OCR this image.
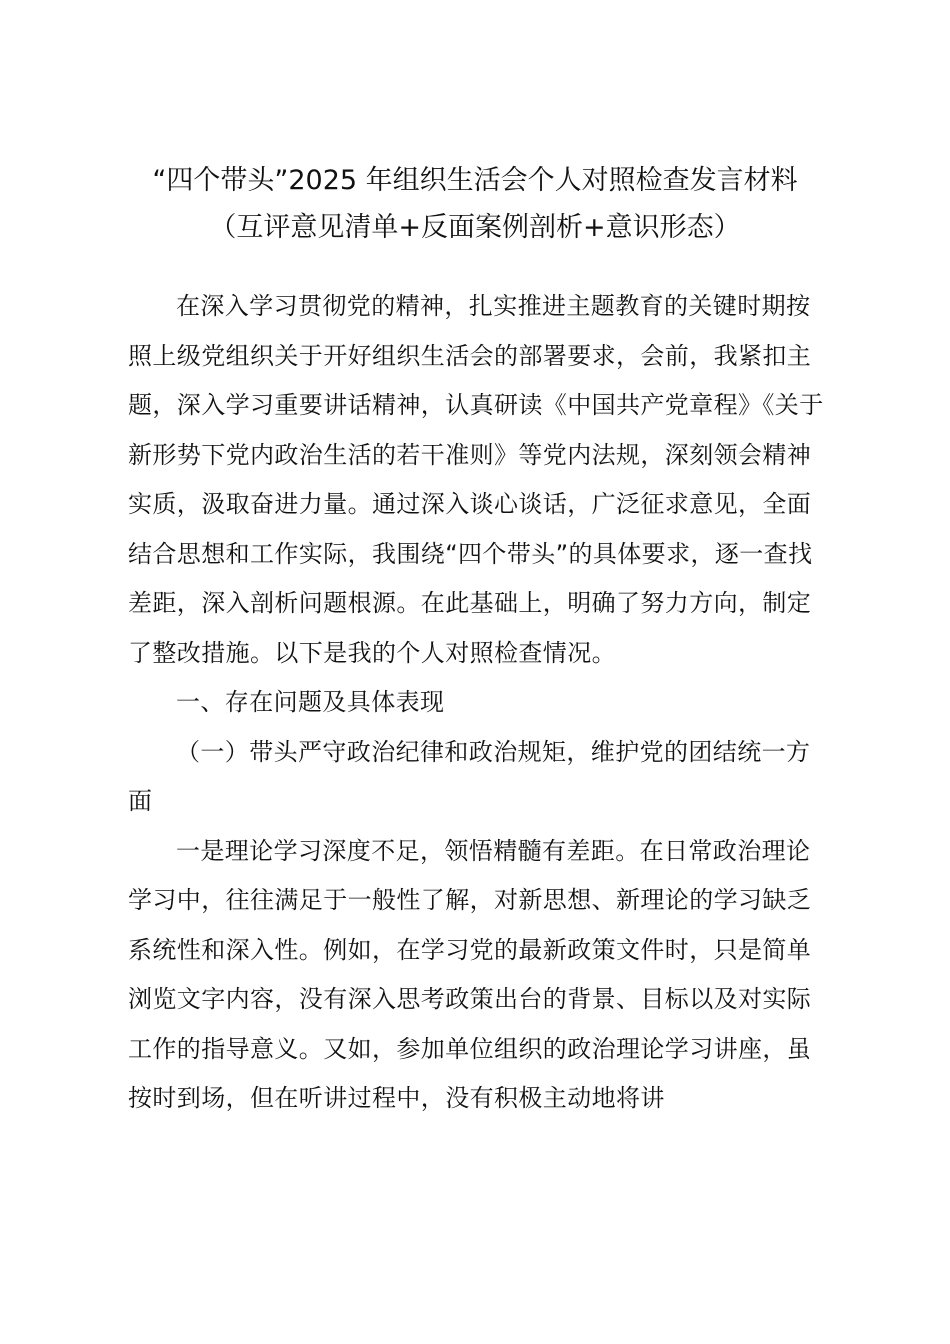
“四个带头”2025 年组织生活会个人对照检查发言材料
（互评意见清单+反面案例剖析+意识形态）

在深入学习贯彻党的精神，扎实推进主题教育的关键时期按照上级党组织关于开好组织生活会的部署要求，会前，我紧扣主题，深入学习重要讲话精神，认真研读《中国共产党章程》《关于新形势下党内政治生活的若干准则》等党内法规，深刻领会精神实质，汲取奋进力量。通过深入谈心谈话，广泛征求意见，全面结合思想和工作实际，我围绕“四个带头”的具体要求，逐一查找差距，深入剖析问题根源。在此基础上，明确了努力方向，制定了整改措施。以下是我的个人对照检查情况。

一、存在问题及具体表现

（一）带头严守政治纪律和政治规矩，维护党的团结统一方面

一是理论学习深度不足，领悟精髓有差距。在日常政治理论学习中，往往满足于一般性了解，对新思想、新理论的学习缺乏系统性和深入性。例如，在学习党的最新政策文件时，只是简单浏览文字内容，没有深入思考政策出台的背景、目标以及对实际工作的指导意义。又如，参加单位组织的政治理论学习讲座，虽按时到场，但在听讲过程中，没有积极主动地将讲
